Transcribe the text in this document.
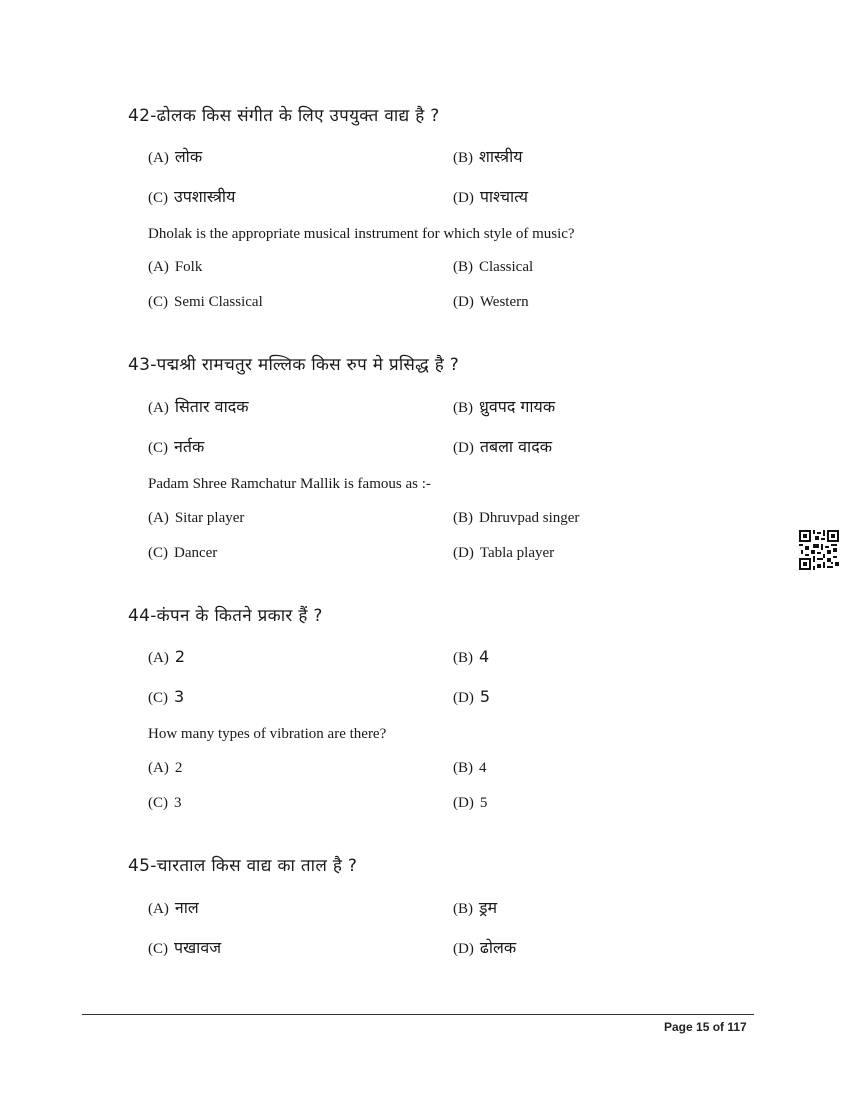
42-ढोलक किस संगीत के लिए उपयुक्त वाद्य है ?
(A) लोक	(B) शास्त्रीय
(C) उपशास्त्रीय	(D) पाश्चात्य
Dholak is the appropriate musical instrument for which style of music?
(A) Folk	(B) Classical
(C) Semi Classical	(D) Western
43-पद्मश्री रामचतुर मल्लिक किस रुप मे प्रसिद्ध है ?
(A) सितार वादक	(B) ध्रुवपद गायक
(C) नर्तक	(D) तबला वादक
Padam Shree Ramchatur Mallik is famous as :-
(A) Sitar player	(B) Dhruvpad singer
(C) Dancer	(D) Tabla player
44-कंपन के कितने प्रकार हैं ?
(A) 2	(B) 4
(C) 3	(D) 5
How many types of vibration are there?
(A) 2	(B) 4
(C) 3	(D) 5
45-चारताल किस वाद्य का ताल है ?
(A) नाल	(B) ड्रम
(C) पखावज	(D) ढोलक
Page 15 of 117
